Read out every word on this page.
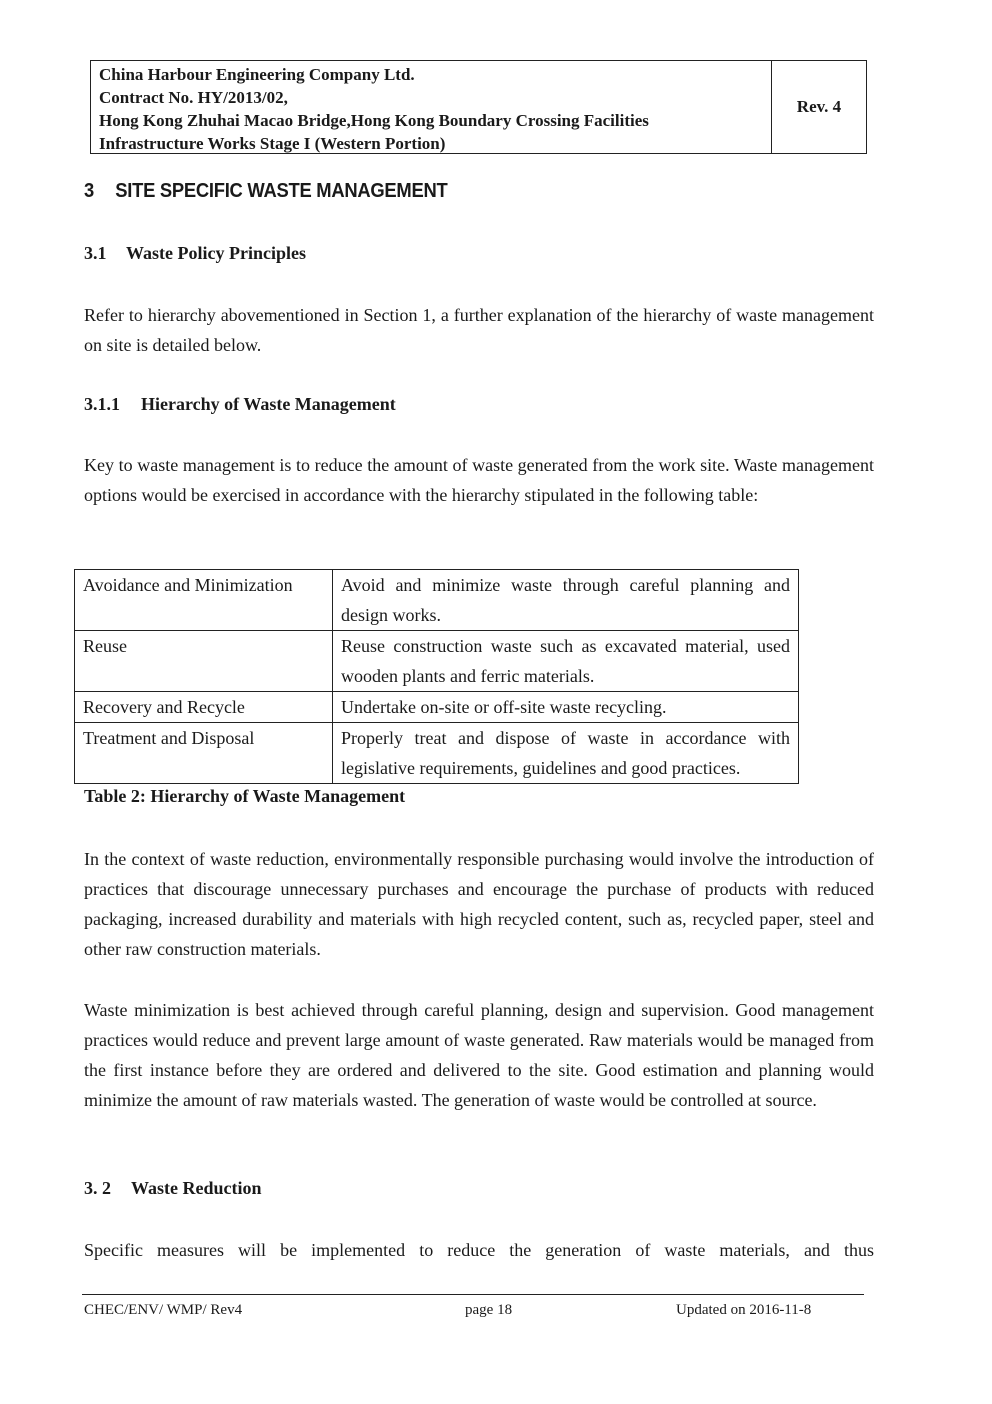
China Harbour Engineering Company Ltd.
Contract No. HY/2013/02,
Hong Kong Zhuhai Macao Bridge,Hong Kong Boundary Crossing Facilities
Infrastructure Works Stage I (Western Portion)
Rev. 4
3 SITE SPECIFIC WASTE MANAGEMENT
3.1 Waste Policy Principles
Refer to hierarchy abovementioned in Section 1, a further explanation of the hierarchy of waste management on site is detailed below.
3.1.1 Hierarchy of Waste Management
Key to waste management is to reduce the amount of waste generated from the work site. Waste management options would be exercised in accordance with the hierarchy stipulated in the following table:
Avoidance and Minimization	Avoid and minimize waste through careful planning and design works.
Reuse	Reuse construction waste such as excavated material, used wooden plants and ferric materials.
Recovery and Recycle	Undertake on-site or off-site waste recycling.
Treatment and Disposal	Properly treat and dispose of waste in accordance with legislative requirements, guidelines and good practices.
Table 2: Hierarchy of Waste Management
In the context of waste reduction, environmentally responsible purchasing would involve the introduction of practices that discourage unnecessary purchases and encourage the purchase of products with reduced packaging, increased durability and materials with high recycled content, such as, recycled paper, steel and other raw construction materials.
Waste minimization is best achieved through careful planning, design and supervision. Good management practices would reduce and prevent large amount of waste generated. Raw materials would be managed from the first instance before they are ordered and delivered to the site. Good estimation and planning would minimize the amount of raw materials wasted. The generation of waste would be controlled at source.
3. 2 Waste Reduction
Specific measures will be implemented to reduce the generation of waste materials, and thus
CHEC/ENV/ WMP/ Rev4	page 18	Updated on 2016-11-8
